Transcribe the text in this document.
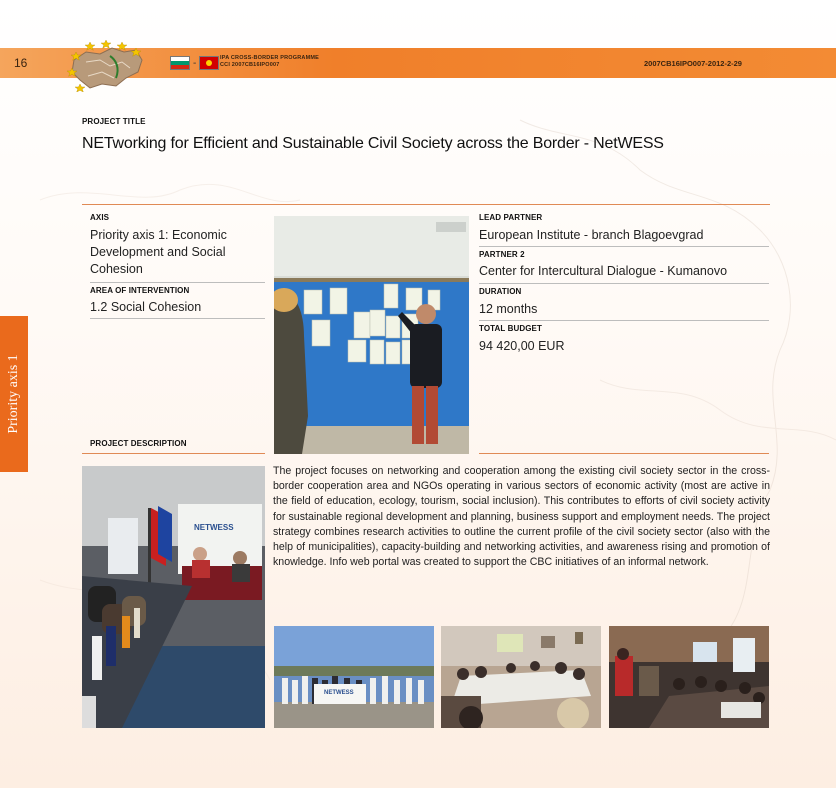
16	-	IPA CROSS-BORDER PROGRAMME
CCI 2007CB16IPO007	2007CB16IPO007-2012-2-29
PROJECT TITLE
NETworking for Efficient and Sustainable Civil Society across the Border - NetWESS
AXIS
Priority axis 1: Economic Development and Social Cohesion
AREA OF INTERVENTION
1.2 Social Cohesion
LEAD PARTNER
European Institute - branch Blagoevgrad
PARTNER 2
Center for Intercultural Dialogue - Kumanovo
DURATION
12 months
TOTAL BUDGET
94 420,00 EUR
Priority axis 1
PROJECT DESCRIPTION
NETWESS
The project focuses on networking and cooperation among the existing civil society sector in the cross-border cooperation area and NGOs operating in various sectors of economic activity (most are active in the field of education, ecology, tourism, social inclusion). This contributes to efforts of civil society activity for sustainable regional development and planning, business support and employment needs. The project strategy combines research activities to outline the current profile of the civil society sector (also with the help of municipalities), capacity-building and networking activities, and awareness rising and promotion of knowledge. Info web portal was created to support the CBC initiatives of an informal network.
NETWESS
